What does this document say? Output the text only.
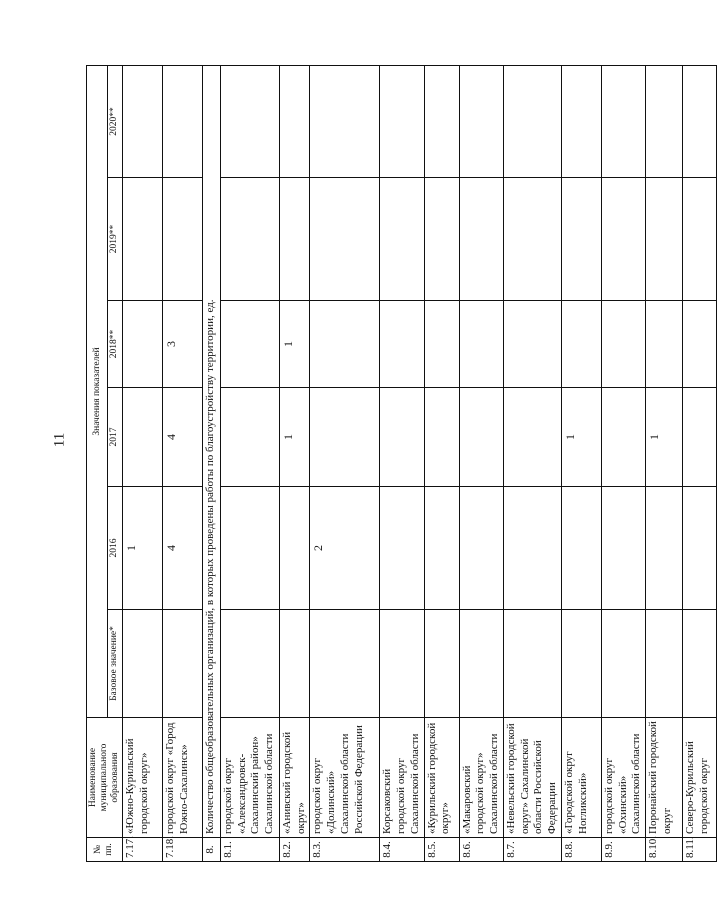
11
№ пп.	Наименование муниципального образования	Значения показателей					
		Базовое значение*	2016	2017	2018**	2019**	2020**
7.17.	«Южно-Курильский городской округ»		1				
7.18.	городской округ «Город Южно-Сахалинск»		4	4	3		
8.	Количество общеобразовательных организаций, в которых проведены работы по благоустройству территории, ед.						
8.1.	городской округ «Александровск-Сахалинский район» Сахалинской области						
8.2.	«Анивский городской округ»			1	1		
8.3.	городской округ «Долинский» Сахалинской области Российской Федерации		2				
8.4.	Корсаковский городской округ Сахалинской области						
8.5.	«Курильский городской округ»						
8.6.	«Макаровский городской округ» Сахалинской области						
8.7.	«Невельский городской округ» Сахалинской области Российской Федерации						
8.8.	«Городской округ Ногликский»			1			
8.9.	городской округ «Охинский» Сахалинской области						
8.10.	Поронайский городской округ			1			
8.11.	Северо-Курильский городской округ						
